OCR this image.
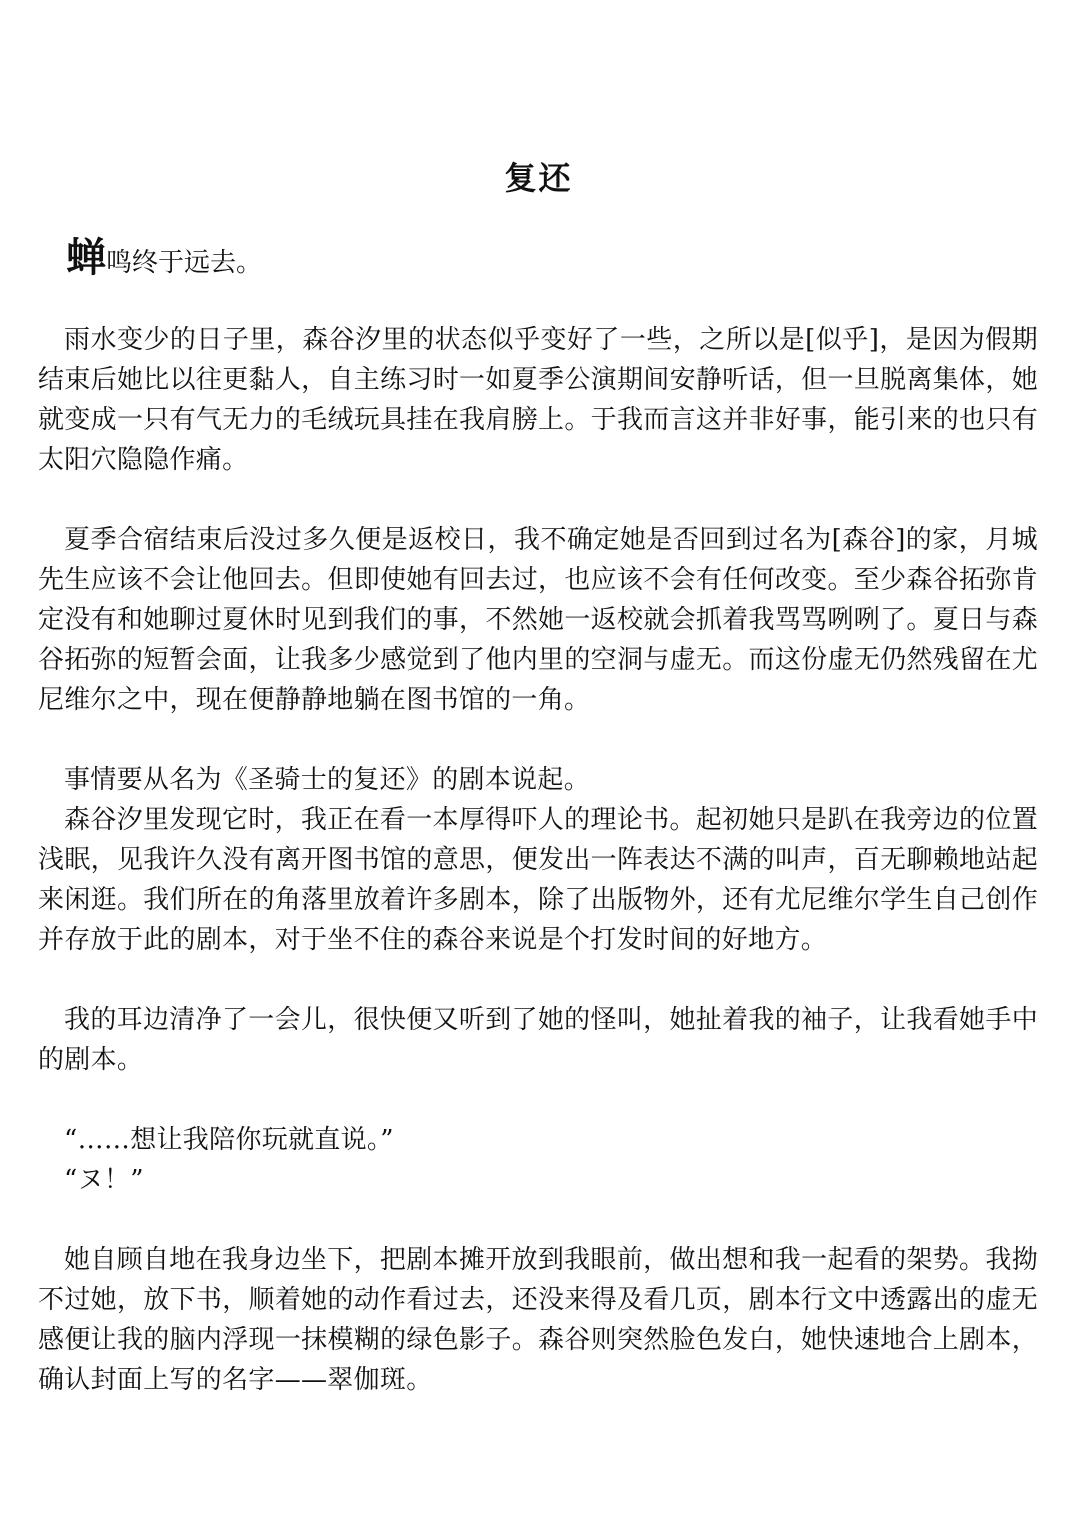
复还
蝉鸣终于远去。

雨水变少的日子里，森谷汐里的状态似乎变好了一些，之所以是[似乎]，是因为假期结束后她比以往更黏人，自主练习时一如夏季公演期间安静听话，但一旦脱离集体，她就变成一只有气无力的毛绒玩具挂在我肩膀上。于我而言这并非好事，能引来的也只有太阳穴隐隐作痛。

夏季合宿结束后没过多久便是返校日，我不确定她是否回到过名为[森谷]的家，月城先生应该不会让他回去。但即使她有回去过，也应该不会有任何改变。至少森谷拓弥肯定没有和她聊过夏休时见到我们的事，不然她一返校就会抓着我骂骂咧咧了。夏日与森谷拓弥的短暂会面，让我多少感觉到了他内里的空洞与虚无。而这份虚无仍然残留在尤尼维尔之中，现在便静静地躺在图书馆的一角。

事情要从名为《圣骑士的复还》的剧本说起。

森谷汐里发现它时，我正在看一本厚得吓人的理论书。起初她只是趴在我旁边的位置浅眠，见我许久没有离开图书馆的意思，便发出一阵表达不满的叫声，百无聊赖地站起来闲逛。我们所在的角落里放着许多剧本，除了出版物外，还有尤尼维尔学生自己创作并存放于此的剧本，对于坐不住的森谷来说是个打发时间的好地方。

我的耳边清净了一会儿，很快便又听到了她的怪叫，她扯着我的袖子，让我看她手中的剧本。

“……想让我陪你玩就直说。”

“ヌ！”

她自顾自地在我身边坐下，把剧本摊开放到我眼前，做出想和我一起看的架势。我拗不过她，放下书，顺着她的动作看过去，还没来得及看几页，剧本行文中透露出的虚无感便让我的脑内浮现一抹模糊的绿色影子。森谷则突然脸色发白，她快速地合上剧本，确认封面上写的名字——翠伽斑。
